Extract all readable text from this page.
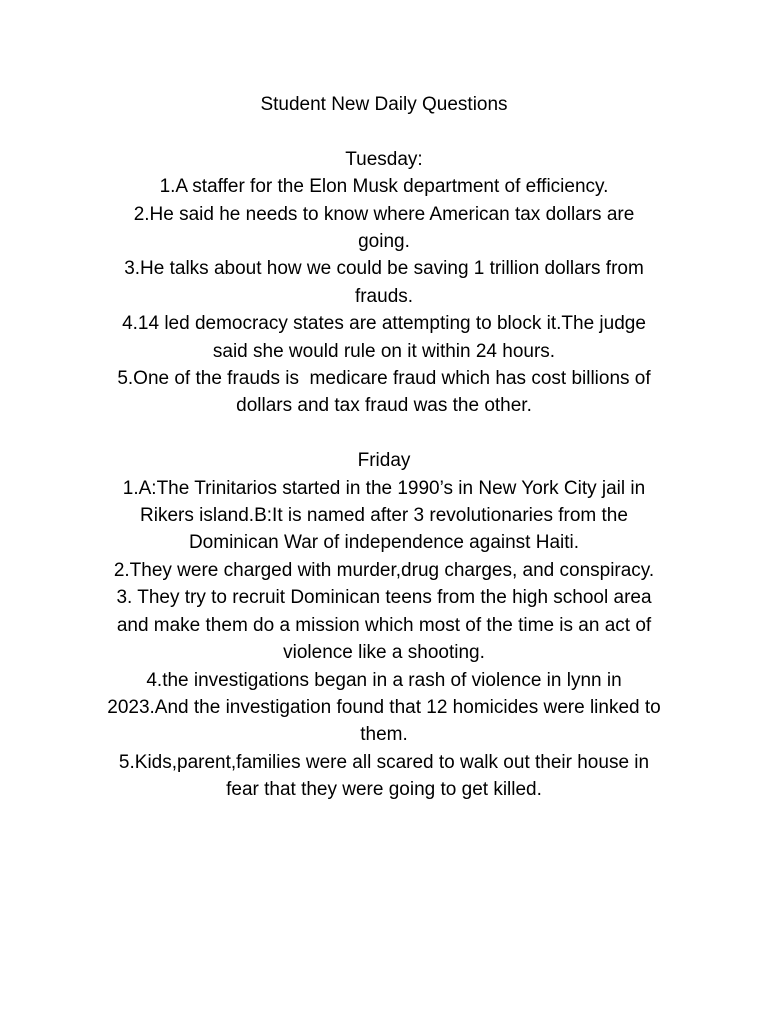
Student New Daily Questions
Tuesday:
1.A staffer for the Elon Musk department of efficiency.
2.He said he needs to know where American tax dollars are
going.
3.He talks about how we could be saving 1 trillion dollars from
frauds.
4.14 led democracy states are attempting to block it.The judge
said she would rule on it within 24 hours.
5.One of the frauds is  medicare fraud which has cost billions of
dollars and tax fraud was the other.
Friday
1.A:The Trinitarios started in the 1990’s in New York City jail in
Rikers island.B:It is named after 3 revolutionaries from the
Dominican War of independence against Haiti.
2.They were charged with murder,drug charges, and conspiracy.
3. They try to recruit Dominican teens from the high school area
and make them do a mission which most of the time is an act of
violence like a shooting.
4.the investigations began in a rash of violence in lynn in
2023.And the investigation found that 12 homicides were linked to
them.
5.Kids,parent,families were all scared to walk out their house in
fear that they were going to get killed.
